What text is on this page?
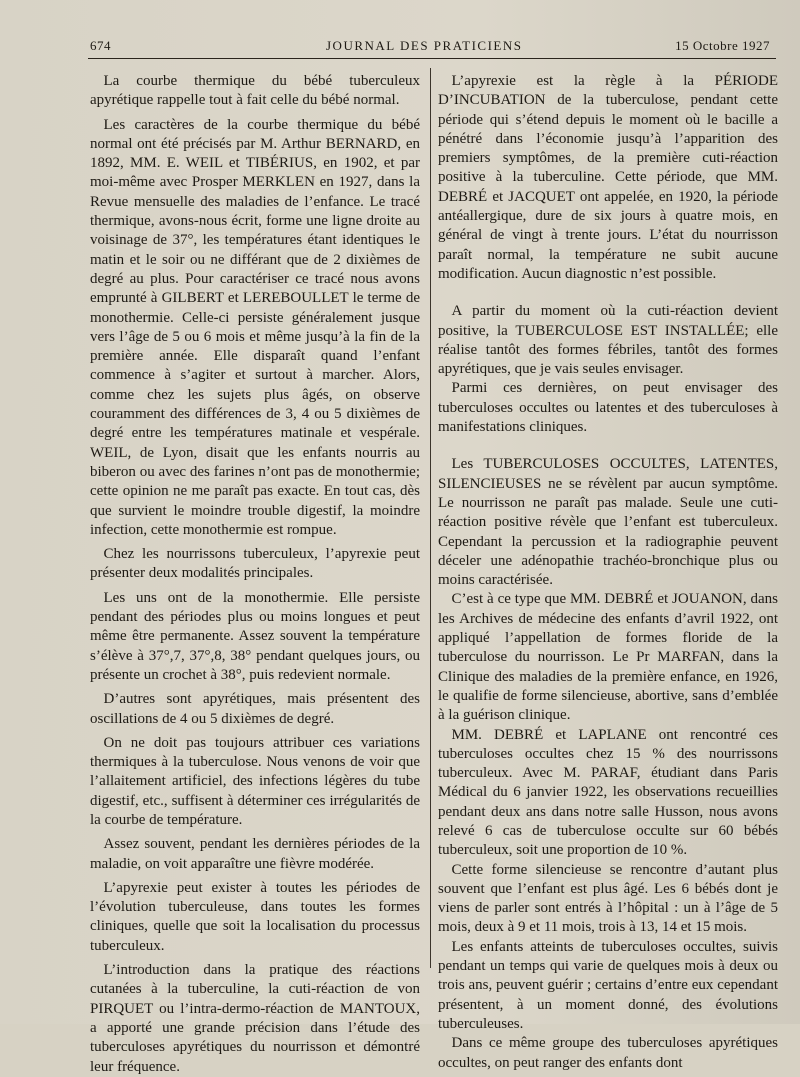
674	JOURNAL DES PRATICIENS	15 Octobre 1927

La courbe thermique du bébé tuberculeux apyrétique rappelle tout à fait celle du bébé normal.

Les caractères de la courbe thermique du bébé normal ont été précisés par M. Arthur BERNARD, en 1892, MM. E. WEIL et TIBÉRIUS, en 1902, et par moi-même avec Prosper MERKLEN en 1927, dans la Revue mensuelle des maladies de l’enfance. Le tracé thermique, avons-nous écrit, forme une ligne droite au voisinage de 37°, les températures étant identiques le matin et le soir ou ne différant que de 2 dixièmes de degré au plus. Pour caractériser ce tracé nous avons emprunté à GILBERT et LEREBOULLET le terme de monothermie. Celle-ci persiste généralement jusque vers l’âge de 5 ou 6 mois et même jusqu’à la fin de la première année. Elle disparaît quand l’enfant commence à s’agiter et surtout à marcher. Alors, comme chez les sujets plus âgés, on observe couramment des différences de 3, 4 ou 5 dixièmes de degré entre les températures matinale et vespérale. WEIL, de Lyon, disait que les enfants nourris au biberon ou avec des farines n’ont pas de monothermie; cette opinion ne me paraît pas exacte. En tout cas, dès que survient le moindre trouble digestif, la moindre infection, cette monothermie est rompue.

Chez les nourrissons tuberculeux, l’apyrexie peut présenter deux modalités principales.

Les uns ont de la monothermie. Elle persiste pendant des périodes plus ou moins longues et peut même être permanente. Assez souvent la température s’élève à 37°,7, 37°,8, 38° pendant quelques jours, ou présente un crochet à 38°, puis redevient normale.

D’autres sont apyrétiques, mais présentent des oscillations de 4 ou 5 dixièmes de degré.

On ne doit pas toujours attribuer ces variations thermiques à la tuberculose. Nous venons de voir que l’allaitement artificiel, des infections légères du tube digestif, etc., suffisent à déterminer ces irrégularités de la courbe de température.

Assez souvent, pendant les dernières périodes de la maladie, on voit apparaître une fièvre modérée.

L’apyrexie peut exister à toutes les périodes de l’évolution tuberculeuse, dans toutes les formes cliniques, quelle que soit la localisation du processus tuberculeux.

L’introduction dans la pratique des réactions cutanées à la tuberculine, la cuti-réaction de von PIRQUET ou l’intra-dermo-réaction de MANTOUX, a apporté une grande précision dans l’étude des tuberculoses apyrétiques du nourrisson et démontré leur fréquence.

L’apyrexie est la règle à la PÉRIODE D’INCUBATION de la tuberculose, pendant cette période qui s’étend depuis le moment où le bacille a pénétré dans l’économie jusqu’à l’apparition des premiers symptômes, de la première cuti-réaction positive à la tuberculine. Cette période, que MM. DEBRÉ et JACQUET ont appelée, en 1920, la période antéallergique, dure de six jours à quatre mois, en général de vingt à trente jours. L’état du nourrisson paraît normal, la température ne subit aucune modification. Aucun diagnostic n’est possible.

A partir du moment où la cuti-réaction devient positive, la TUBERCULOSE EST INSTALLÉE; elle réalise tantôt des formes fébriles, tantôt des formes apyrétiques, que je vais seules envisager.

Parmi ces dernières, on peut envisager des tuberculoses occultes ou latentes et des tuberculoses à manifestations cliniques.

Les TUBERCULOSES OCCULTES, LATENTES, SILENCIEUSES ne se révèlent par aucun symptôme. Le nourrisson ne paraît pas malade. Seule une cuti-réaction positive révèle que l’enfant est tuberculeux. Cependant la percussion et la radiographie peuvent déceler une adénopathie trachéo-bronchique plus ou moins caractérisée.

C’est à ce type que MM. DEBRÉ et JOUANON, dans les Archives de médecine des enfants d’avril 1922, ont appliqué l’appellation de formes floride de la tuberculose du nourrisson. Le Pr MARFAN, dans la Clinique des maladies de la première enfance, en 1926, le qualifie de forme silencieuse, abortive, sans d’emblée à la guérison clinique.

MM. DEBRÉ et LAPLANE ont rencontré ces tuberculoses occultes chez 15 % des nourrissons tuberculeux. Avec M. PARAF, étudiant dans Paris Médical du 6 janvier 1922, les observations recueillies pendant deux ans dans notre salle Husson, nous avons relevé 6 cas de tuberculose occulte sur 60 bébés tuberculeux, soit une proportion de 10 %.

Cette forme silencieuse se rencontre d’autant plus souvent que l’enfant est plus âgé. Les 6 bébés dont je viens de parler sont entrés à l’hôpital : un à l’âge de 5 mois, deux à 9 et 11 mois, trois à 13, 14 et 15 mois.

Les enfants atteints de tuberculoses occultes, suivis pendant un temps qui varie de quelques mois à deux ou trois ans, peuvent guérir ; certains d’entre eux cependant présentent, à un moment donné, des évolutions tuberculeuses.

Dans ce même groupe des tuberculoses apyrétiques occultes, on peut ranger des enfants dont
